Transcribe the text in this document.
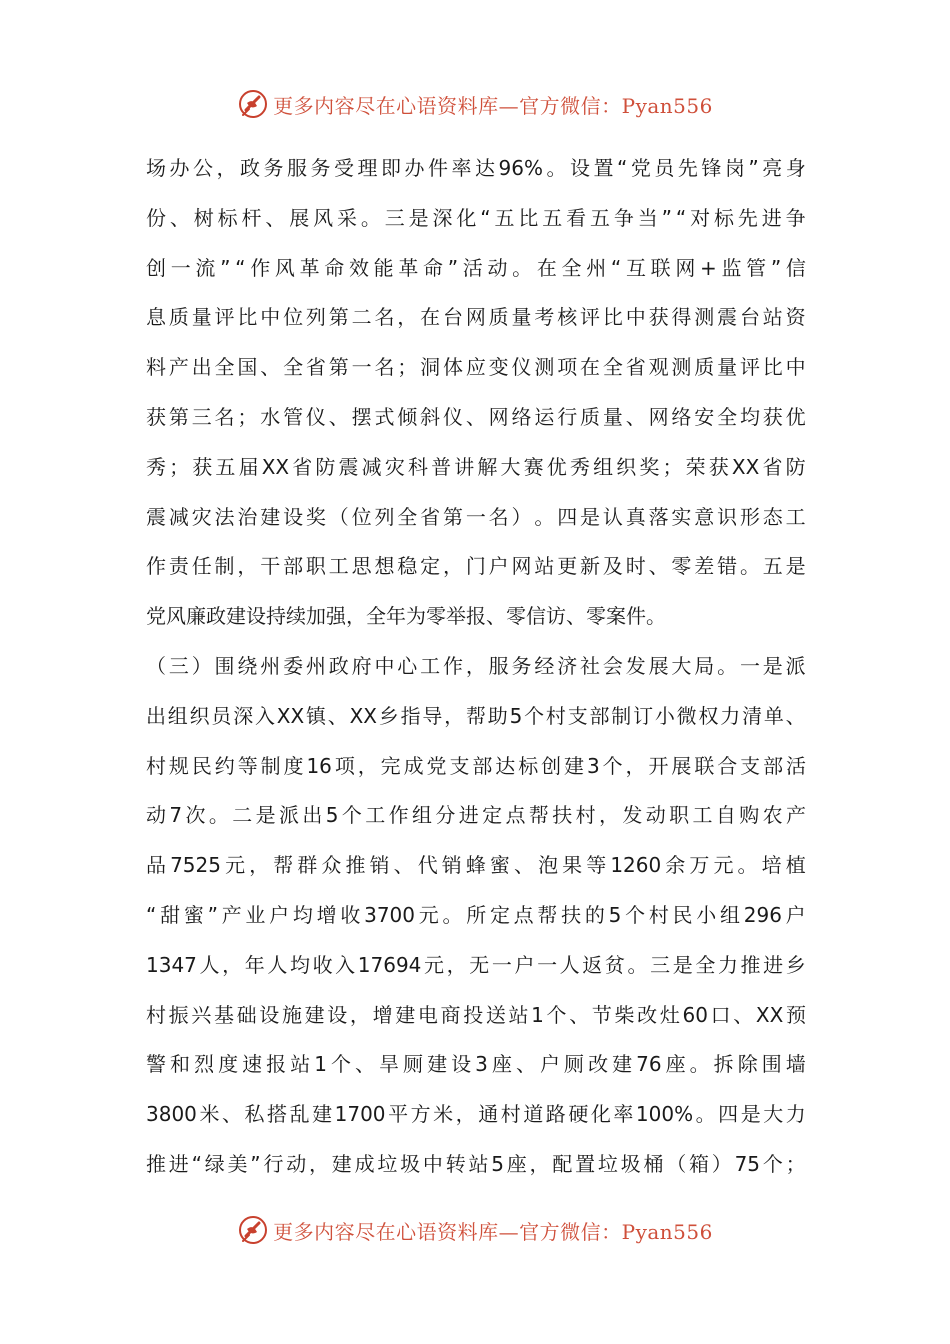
更多内容尽在心语资料库—官方微信：Pyan556
场 办 公 ， 政 务 服 务 受 理 即 办 件 率 达 96% 。 设 置 “ 党 员 先 锋 岗 ” 亮 身
份 、 树 标 杆 、 展 风 采 。 三 是 深 化 “ 五 比 五 看 五 争 当 ” “ 对 标 先 进 争
创 一 流 ” “ 作 风 革 命 效 能 革 命 ” 活 动 。 在 全 州 “ 互 联 网 + 监 管 ” 信
息 质 量 评 比 中 位 列 第 二 名 ， 在 台 网 质 量 考 核 评 比 中 获 得 测 震 台 站 资
料 产 出 全 国 、 全 省 第 一 名 ； 洞 体 应 变 仪 测 项 在 全 省 观 测 质 量 评 比 中
获 第 三 名 ； 水 管 仪 、 摆 式 倾 斜 仪 、 网 络 运 行 质 量 、 网 络 安 全 均 获 优
秀 ； 获 五 届 XX 省 防 震 减 灾 科 普 讲 解 大 赛 优 秀 组 织 奖 ； 荣 获 XX 省 防
震 减 灾 法 治 建 设 奖 （ 位 列 全 省 第 一 名 ） 。 四 是 认 真 落 实 意 识 形 态 工
作 责 任 制 ， 干 部 职 工 思 想 稳 定 ， 门 户 网 站 更 新 及 时 、 零 差 错 。 五 是
党风廉政建设持续加强，全年为零举报、零信访、零案件。
（ 三 ） 围 绕 州 委 州 政 府 中 心 工 作 ， 服 务 经 济 社 会 发 展 大 局 。 一 是 派
出 组 织 员 深 入 XX 镇 、 XX 乡 指 导 ， 帮 助 5 个 村 支 部 制 订 小 微 权 力 清 单 、
村 规 民 约 等 制 度 16 项 ， 完 成 党 支 部 达 标 创 建 3 个 ， 开 展 联 合 支 部 活
动 7 次 。 二 是 派 出 5 个 工 作 组 分 进 定 点 帮 扶 村 ， 发 动 职 工 自 购 农 产
品 7525 元 ， 帮 群 众 推 销 、 代 销 蜂 蜜 、 泡 果 等 1260 余 万 元 。 培 植
“ 甜 蜜 ” 产 业 户 均 增 收 3700 元 。 所 定 点 帮 扶 的 5 个 村 民 小 组 296 户
1347 人 ， 年 人 均 收 入 17694 元 ， 无 一 户 一 人 返 贫 。 三 是 全 力 推 进 乡
村 振 兴 基 础 设 施 建 设 ， 增 建 电 商 投 送 站 1 个 、 节 柴 改 灶 60 口 、 XX 预
警 和 烈 度 速 报 站 1 个 、 旱 厕 建 设 3 座 、 户 厕 改 建 76 座 。 拆 除 围 墙
3800 米 、 私 搭 乱 建 1700 平 方 米 ， 通 村 道 路 硬 化 率 100% 。 四 是 大 力
推 进 “ 绿 美 ” 行 动 ， 建 成 垃 圾 中 转 站 5 座 ， 配 置 垃 圾 桶 （ 箱 ） 75 个 ；
更多内容尽在心语资料库—官方微信：Pyan556
